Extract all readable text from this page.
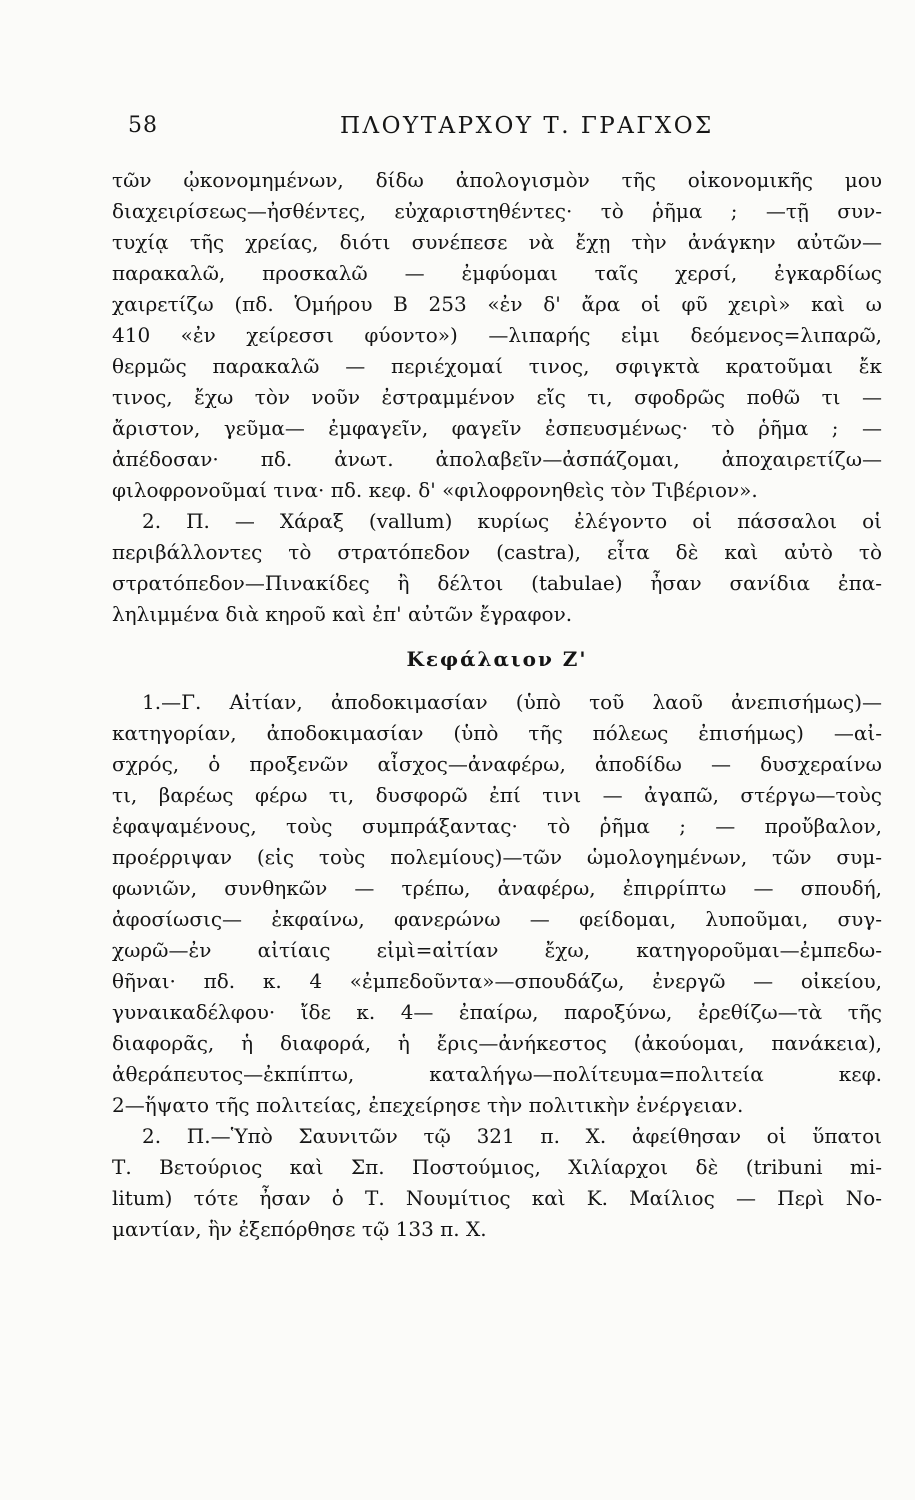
58	ΠΛΟΥΤΑΡΧΟΥ Τ. ΓΡΑΓΧΟΣ
τῶν ᾠκονομημένων, δίδω ἀπολογισμὸν τῆς οἰκονομικῆς μου
διαχειρίσεως—ἠσθέντες, εὐχαριστηθέντες· τὸ ῥῆμα ; —τῇ συν-
τυχίᾳ τῆς χρείας, διότι συνέπεσε νὰ ἔχῃ τὴν ἀνάγκην αὐτῶν—
παρακαλῶ, προσκαλῶ — ἐμφύομαι ταῖς χερσί, ἐγκαρδίως
χαιρετίζω (πδ. Ὁμήρου Β 253 «ἐν δ' ἄρα οἱ φῦ χειρὶ» καὶ ω
410 «ἐν χείρεσσι φύοντο») —λιπαρής εἰμι δεόμενος=λιπαρῶ,
θερμῶς παρακαλῶ — περιέχομαί τινος, σφιγκτὰ κρατοῦμαι ἔκ
τινος, ἔχω τὸν νοῦν ἐστραμμένον εἴς τι, σφοδρῶς ποθῶ τι —
ἄριστον, γεῦμα— ἐμφαγεῖν, φαγεῖν ἐσπευσμένως· τὸ ῥῆμα ; —
ἀπέδοσαν· πδ. ἀνωτ. ἀπολαβεῖν—ἀσπάζομαι, ἀποχαιρετίζω—
φιλοφρονοῦμαί τινα· πδ. κεφ. δ' «φιλοφρονηθεὶς τὸν Τιβέριον».
2. Π. — Χάραξ (vallum) κυρίως ἐλέγοντο οἱ πάσσαλοι οἱ
περιβάλλοντες τὸ στρατόπεδον (castra), εἶτα δὲ καὶ αὐτὸ τὸ
στρατόπεδον—Πινακίδες ἢ δέλτοι (tabulae) ἦσαν σανίδια ἐπα-
ληλιμμένα διὰ κηροῦ καὶ ἐπ' αὐτῶν ἔγραφον.
Κεφάλαιον Ζ'
1.—Γ. Αἰτίαν, ἀποδοκιμασίαν (ὑπὸ τοῦ λαοῦ ἀνεπισήμως)—
κατηγορίαν, ἀποδοκιμασίαν (ὑπὸ τῆς πόλεως ἐπισήμως) —αἰ-
σχρός, ὁ προξενῶν αἶσχος—ἀναφέρω, ἀποδίδω — δυσχεραίνω
τι, βαρέως φέρω τι, δυσφορῶ ἐπί τινι — ἀγαπῶ, στέργω—τοὺς
ἐφαψαμένους, τοὺς συμπράξαντας· τὸ ῥῆμα ; — προὔβαλον,
προέρριψαν (εἰς τοὺς πολεμίους)—τῶν ὡμολογημένων, τῶν συμ-
φωνιῶν, συνθηκῶν — τρέπω, ἀναφέρω, ἐπιρρίπτω — σπουδή,
ἀφοσίωσις— ἐκφαίνω, φανερώνω — φείδομαι, λυποῦμαι, συγ-
χωρῶ—ἐν αἰτίαις εἰμὶ=αἰτίαν ἔχω, κατηγοροῦμαι—ἐμπεδω-
θῆναι· πδ. κ. 4 «ἐμπεδοῦντα»—σπουδάζω, ἐνεργῶ — οἰκείου,
γυναικαδέλφου· ἴδε κ. 4— ἐπαίρω, παροξύνω, ἐρεθίζω—τὰ τῆς
διαφορᾶς, ἡ διαφορά, ἡ ἔρις—ἀνήκεστος (ἀκούομαι, πανάκεια),
ἀθεράπευτος—ἐκπίπτω, καταλήγω—πολίτευμα=πολιτεία κεφ.
2—ἥψατο τῆς πολιτείας, ἐπεχείρησε τὴν πολιτικὴν ἐνέργειαν.
2. Π.—Ὑπὸ Σαυνιτῶν τῷ 321 π. Χ. ἀφείθησαν οἱ ὕπατοι
Τ. Βετούριος καὶ Σπ. Ποστούμιος, Χιλίαρχοι δὲ (tribuni mi-
litum) τότε ἦσαν ὁ Τ. Νουμίτιος καὶ Κ. Μαίλιος — Περὶ Νο-
μαντίαν, ἣν ἐξεπόρθησε τῷ 133 π. Χ.
